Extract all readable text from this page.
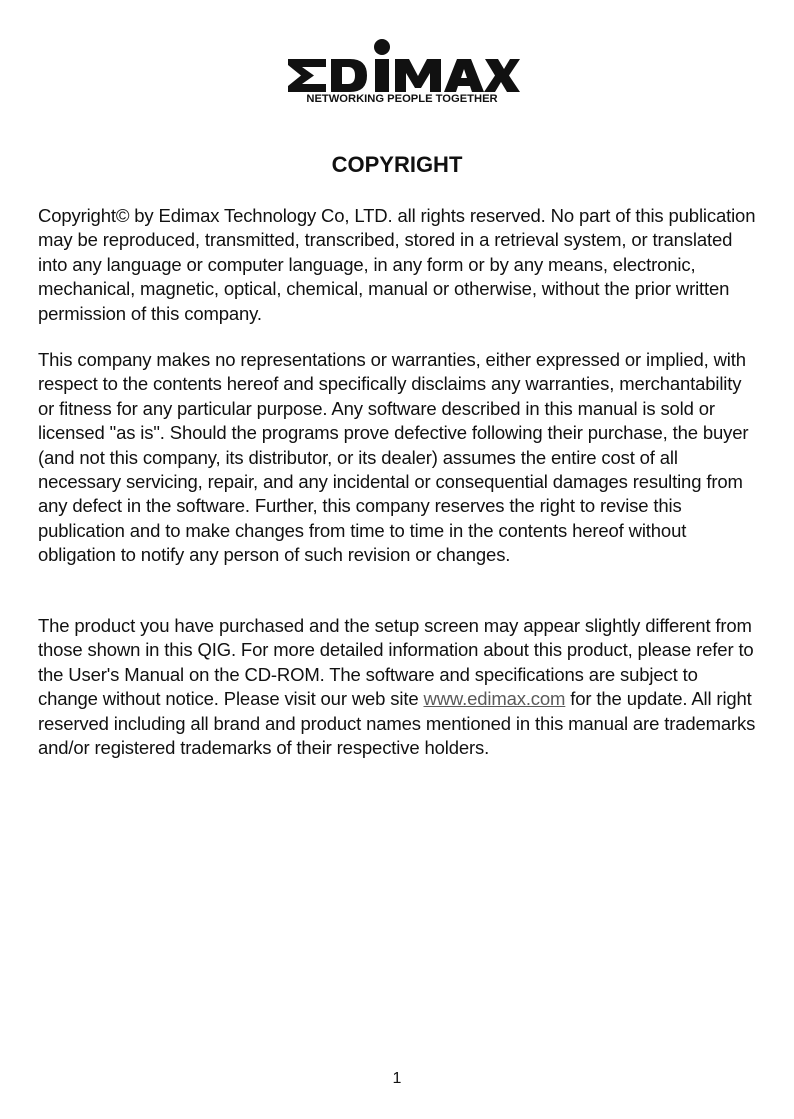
NETWORKING PEOPLE TOGETHER
COPYRIGHT

Copyright© by Edimax Technology Co, LTD. all rights reserved. No part of this publication may be reproduced, transmitted, transcribed, stored in a retrieval system, or translated into any language or computer language, in any form or by any means, electronic, mechanical, magnetic, optical, chemical, manual or otherwise, without the prior written permission of this company.

This company makes no representations or warranties, either expressed or implied, with respect to the contents hereof and specifically disclaims any warranties, merchantability or fitness for any particular purpose. Any software described in this manual is sold or licensed "as is". Should the programs prove defective following their purchase, the buyer (and not this company, its distributor, or its dealer) assumes the entire cost of all necessary servicing, repair, and any incidental or consequential damages resulting from any defect in the software. Further, this company reserves the right to revise this publication and to make changes from time to time in the contents hereof without obligation to notify any person of such revision or changes.

The product you have purchased and the setup screen may appear slightly different from those shown in this QIG. For more detailed information about this product, please refer to the User's Manual on the CD-ROM. The software and specifications are subject to change without notice. Please visit our web site www.edimax.com for the update. All right reserved including all brand and product names mentioned in this manual are trademarks and/or registered trademarks of their respective holders.

1
